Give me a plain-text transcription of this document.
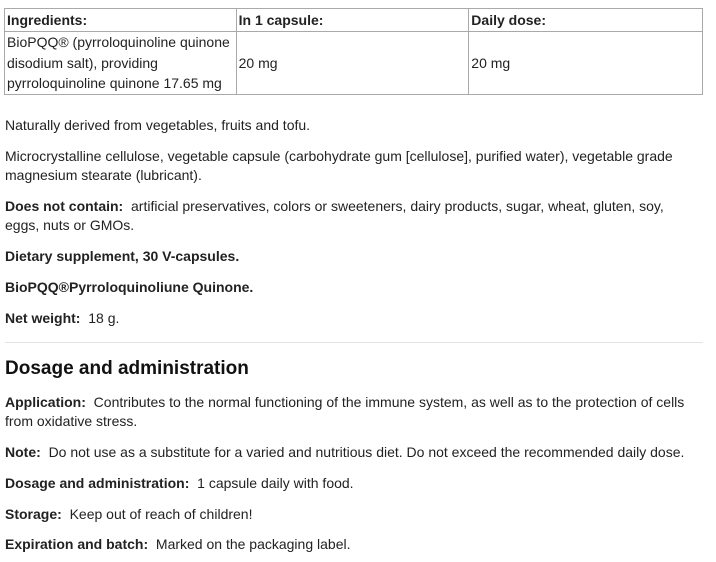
Ingredients:	In 1 capsule:	Daily dose:
BioPQQ® (pyrroloquinoline quinone disodium salt), providing pyrroloquinoline quinone 17.65 mg	20 mg	20 mg

Naturally derived from vegetables, fruits and tofu.

Microcrystalline cellulose, vegetable capsule (carbohydrate gum [cellulose], purified water), vegetable grade magnesium stearate (lubricant).

Does not contain: artificial preservatives, colors or sweeteners, dairy products, sugar, wheat, gluten, soy, eggs, nuts or GMOs.

Dietary supplement, 30 V-capsules.

BioPQQ®Pyrroloquinoliune Quinone.

Net weight: 18 g.

Dosage and administration

Application: Contributes to the normal functioning of the immune system, as well as to the protection of cells from oxidative stress.

Note: Do not use as a substitute for a varied and nutritious diet. Do not exceed the recommended daily dose.

Dosage and administration: 1 capsule daily with food.

Storage: Keep out of reach of children!

Expiration and batch: Marked on the packaging label.
